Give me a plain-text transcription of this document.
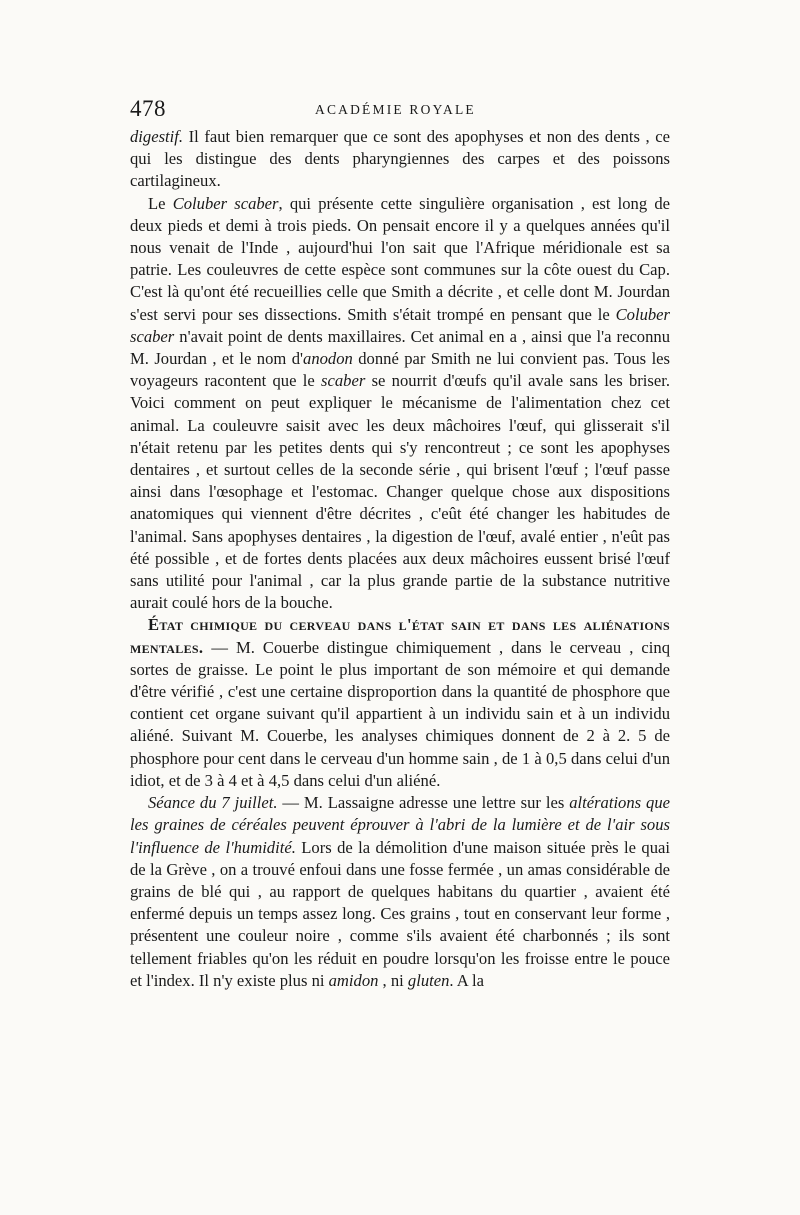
478	ACADÉMIE ROYALE

digestif. Il faut bien remarquer que ce sont des apophyses et non des dents , ce qui les distingue des dents pharyngiennes des carpes et des poissons cartilagineux.

Le Coluber scaber, qui présente cette singulière organisation , est long de deux pieds et demi à trois pieds. On pensait encore il y a quelques années qu'il nous venait de l'Inde , aujourd'hui l'on sait que l'Afrique méridionale est sa patrie. Les couleuvres de cette espèce sont communes sur la côte ouest du Cap. C'est là qu'ont été recueillies celle que Smith a décrite , et celle dont M. Jourdan s'est servi pour ses dissections. Smith s'était trompé en pensant que le Coluber scaber n'avait point de dents maxillaires. Cet animal en a , ainsi que l'a reconnu M. Jourdan , et le nom d'anodon donné par Smith ne lui convient pas. Tous les voyageurs racontent que le scaber se nourrit d'œufs qu'il avale sans les briser. Voici comment on peut expliquer le mécanisme de l'alimentation chez cet animal. La couleuvre saisit avec les deux mâchoires l'œuf, qui glisserait s'il n'était retenu par les petites dents qui s'y rencontreut ; ce sont les apophyses dentaires , et surtout celles de la seconde série , qui brisent l'œuf ; l'œuf passe ainsi dans l'œsophage et l'estomac. Changer quelque chose aux dispositions anatomiques qui viennent d'être décrites , c'eût été changer les habitudes de l'animal. Sans apophyses dentaires , la digestion de l'œuf, avalé entier , n'eût pas été possible , et de fortes dents placées aux deux mâchoires eussent brisé l'œuf sans utilité pour l'animal , car la plus grande partie de la substance nutritive aurait coulé hors de la bouche.

État chimique du cerveau dans l'état sain et dans les aliénations mentales. — M. Couerbe distingue chimiquement , dans le cerveau , cinq sortes de graisse. Le point le plus important de son mémoire et qui demande d'être vérifié , c'est une certaine disproportion dans la quantité de phosphore que contient cet organe suivant qu'il appartient à un individu sain et à un individu aliéné. Suivant M. Couerbe, les analyses chimiques donnent de 2 à 2. 5 de phosphore pour cent dans le cerveau d'un homme sain , de 1 à 0,5 dans celui d'un idiot, et de 3 à 4 et à 4,5 dans celui d'un aliéné.

Séance du 7 juillet. — M. Lassaigne adresse une lettre sur les altérations que les graines de céréales peuvent éprouver à l'abri de la lumière et de l'air sous l'influence de l'humidité. Lors de la démolition d'une maison située près le quai de la Grève , on a trouvé enfoui dans une fosse fermée , un amas considérable de grains de blé qui , au rapport de quelques habitans du quartier , avaient été enfermé depuis un temps assez long. Ces grains , tout en conservant leur forme , présentent une couleur noire , comme s'ils avaient été charbonnés ; ils sont tellement friables qu'on les réduit en poudre lorsqu'on les froisse entre le pouce et l'index. Il n'y existe plus ni amidon , ni gluten. A la
